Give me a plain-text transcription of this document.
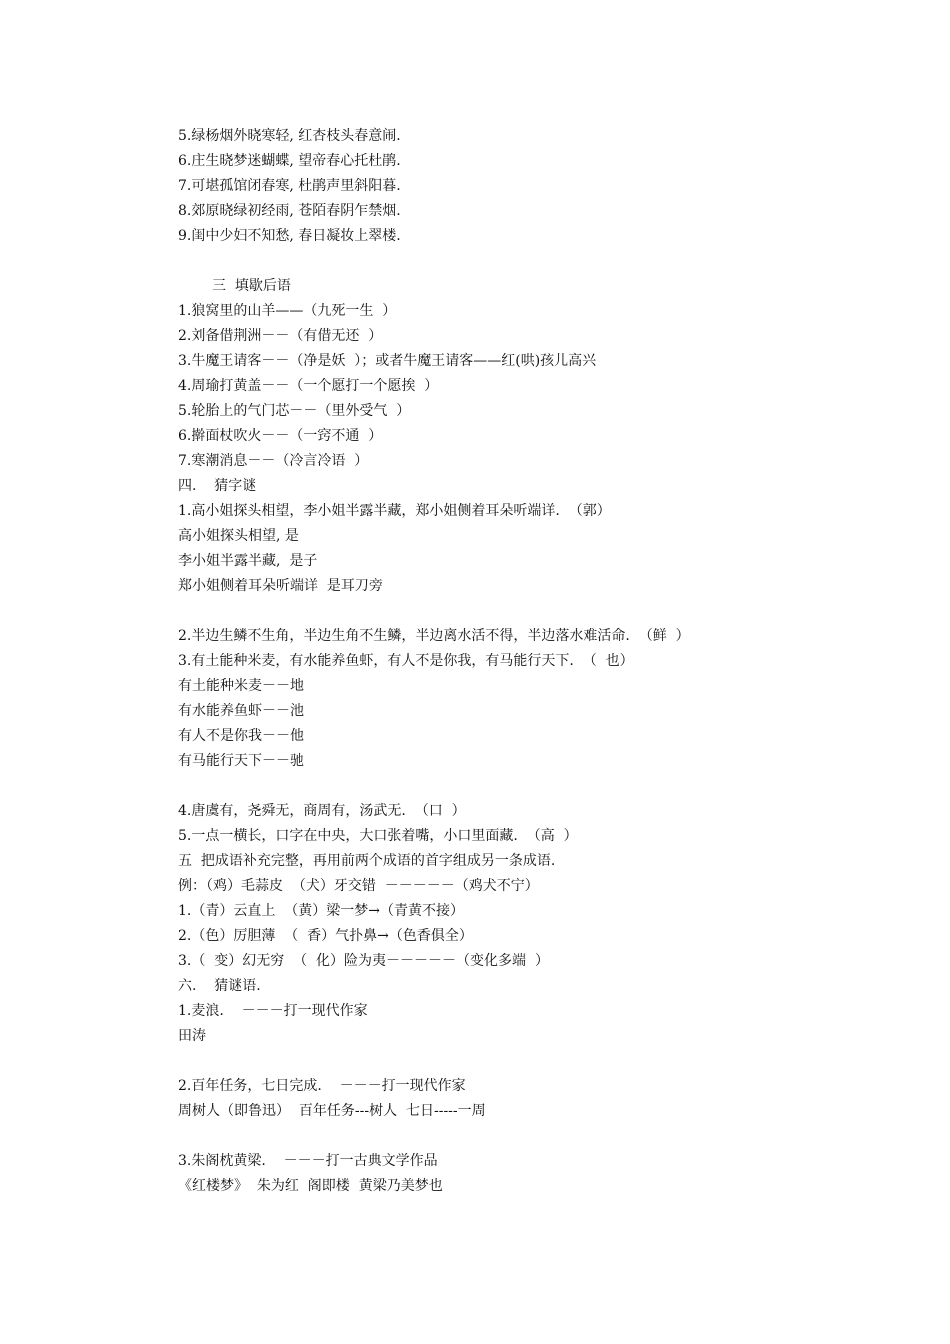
5.绿杨烟外晓寒轻, 红杏枝头春意闹.
6.庄生晓梦迷蝴蝶, 望帝春心托杜鹃.
7.可堪孤馆闭春寒, 杜鹃声里斜阳暮.
8.郊原晓绿初经雨, 苍陌春阴乍禁烟.
9.闺中少妇不知愁, 春日凝妆上翠楼.
三  填歇后语
1.狼窝里的山羊——（九死一生  ）
2.刘备借荆洲－－（有借无还  ）
3.牛魔王请客－－（净是妖  ）；或者牛魔王请客——红(哄)孩儿高兴
4.周瑜打黄盖－－（一个愿打一个愿挨  ）
5.轮胎上的气门芯－－（里外受气  ）
6.擀面杖吹火－－（一窍不通  ）
7.寒潮消息－－（冷言冷语  ）
四.    猜字谜
1.高小姐探头相望，李小姐半露半藏，郑小姐侧着耳朵听端详.  （郭）
高小姐探头相望, 是
李小姐半露半藏,  是子
郑小姐侧着耳朵听端详  是耳刀旁
2.半边生鳞不生角，半边生角不生鳞，半边离水活不得，半边落水难活命.  （鲜  ）
3.有土能种米麦，有水能养鱼虾，有人不是你我，有马能行天下.  （  也）
有土能种米麦－－地
有水能养鱼虾－－池
有人不是你我－－他
有马能行天下－－驰
4.唐虞有，尧舜无，商周有，汤武无.  （口  ）
5.一点一横长，口字在中央，大口张着嘴，小口里面藏.  （高  ）
五  把成语补充完整，再用前两个成语的首字组成另一条成语.
例：（鸡）毛蒜皮  （犬）牙交错  －－－－－（鸡犬不宁）
1.（青）云直上  （黄）梁一梦→（青黄不接）
2.（色）厉胆薄  （  香）气扑鼻→（色香俱全）
3.（  变）幻无穷  （  化）险为夷－－－－－（变化多端  ）
六.    猜谜语.
1.麦浪.    －－－打一现代作家
田涛
2.百年任务，七日完成.    －－－打一现代作家
周树人（即鲁迅）  百年任务---树人  七日-----一周
3.朱阁枕黄梁.    －－－打一古典文学作品
《红楼梦》  朱为红  阁即楼  黄梁乃美梦也
